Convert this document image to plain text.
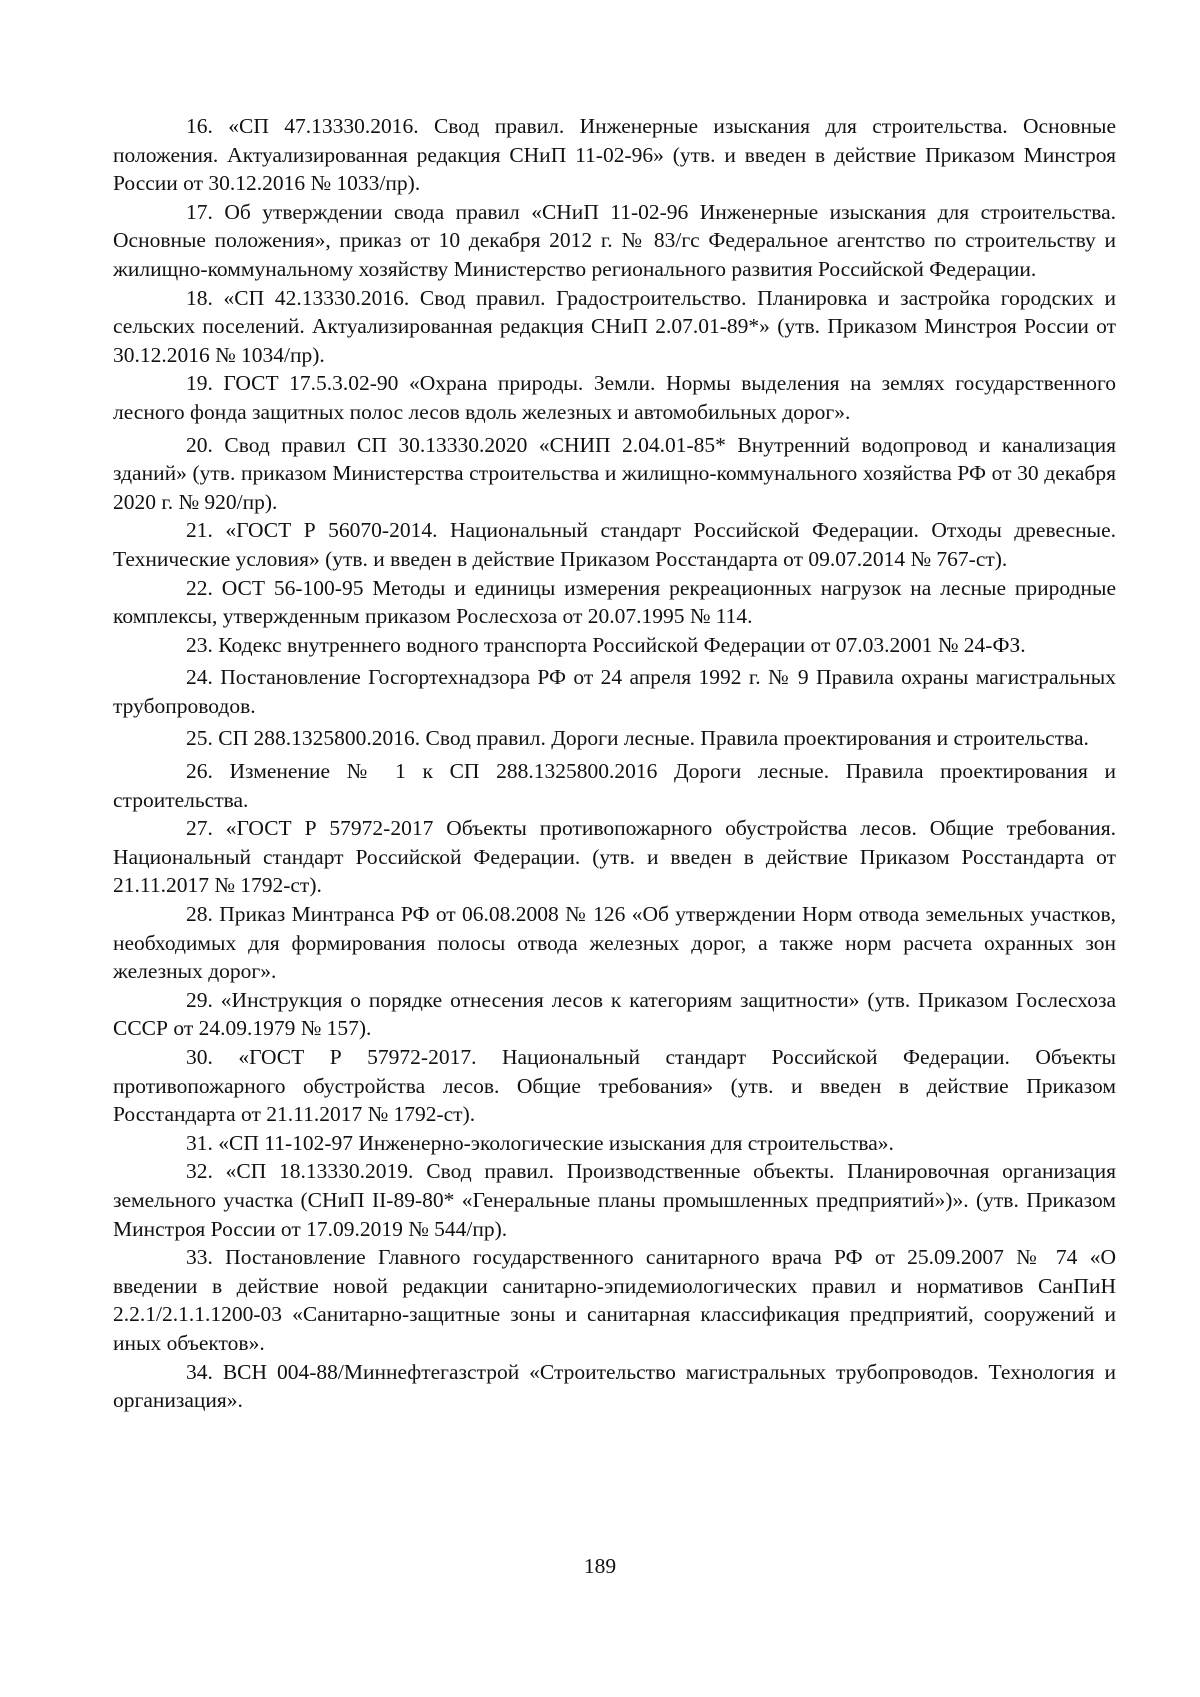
16. «СП 47.13330.2016. Свод правил. Инженерные изыскания для строительства. Основные положения. Актуализированная редакция СНиП 11-02-96» (утв. и введен в действие Приказом Минстроя России от 30.12.2016 № 1033/пр).

17. Об утверждении свода правил «СНиП 11-02-96 Инженерные изыскания для строительства. Основные положения», приказ от 10 декабря 2012 г. № 83/гс Федеральное агентство по строительству и жилищно-коммунальному хозяйству Министерство регионального развития Российской Федерации.

18. «СП 42.13330.2016. Свод правил. Градостроительство. Планировка и застройка городских и сельских поселений. Актуализированная редакция СНиП 2.07.01-89*» (утв. Приказом Минстроя России от 30.12.2016 № 1034/пр).

19. ГОСТ 17.5.3.02-90 «Охрана природы. Земли. Нормы выделения на землях государственного лесного фонда защитных полос лесов вдоль железных и автомобильных дорог».

20. Свод правил СП 30.13330.2020 «СНИП 2.04.01-85* Внутренний водопровод и канализация зданий» (утв. приказом Министерства строительства и жилищно-коммунального хозяйства РФ от 30 декабря 2020 г. № 920/пр).

21. «ГОСТ Р 56070-2014. Национальный стандарт Российской Федерации. Отходы древесные. Технические условия» (утв. и введен в действие Приказом Росстандарта от 09.07.2014 № 767-ст).

22. ОСТ 56-100-95 Методы и единицы измерения рекреационных нагрузок на лесные природные комплексы, утвержденным приказом Рослесхоза от 20.07.1995 № 114.

23. Кодекс внутреннего водного транспорта Российской Федерации от 07.03.2001 № 24-ФЗ.

24. Постановление Госгортехнадзора РФ от 24 апреля 1992 г. № 9 Правила охраны магистральных трубопроводов.

25. СП 288.1325800.2016. Свод правил. Дороги лесные. Правила проектирования и строительства.

26. Изменение № 1 к СП 288.1325800.2016 Дороги лесные. Правила проектирования и строительства.

27. «ГОСТ Р 57972-2017 Объекты противопожарного обустройства лесов. Общие требования. Национальный стандарт Российской Федерации. (утв. и введен в действие Приказом Росстандарта от 21.11.2017 № 1792-ст).

28. Приказ Минтранса РФ от 06.08.2008 № 126 «Об утверждении Норм отвода земельных участков, необходимых для формирования полосы отвода железных дорог, а также норм расчета охранных зон железных дорог».

29. «Инструкция о порядке отнесения лесов к категориям защитности» (утв. Приказом Гослесхоза СССР от 24.09.1979 № 157).

30. «ГОСТ Р 57972-2017. Национальный стандарт Российской Федерации. Объекты противопожарного обустройства лесов. Общие требования» (утв. и введен в действие Приказом Росстандарта от 21.11.2017 № 1792-ст).

31. «СП 11-102-97 Инженерно-экологические изыскания для строительства».

32. «СП 18.13330.2019. Свод правил. Производственные объекты. Планировочная организация земельного участка (СНиП II-89-80* «Генеральные планы промышленных предприятий»)». (утв. Приказом Минстроя России от 17.09.2019 № 544/пр).

33. Постановление Главного государственного санитарного врача РФ от 25.09.2007 № 74 «О введении в действие новой редакции санитарно-эпидемиологических правил и нормативов СанПиН 2.2.1/2.1.1.1200-03 «Санитарно-защитные зоны и санитарная классификация предприятий, сооружений и иных объектов».

34. ВСН 004-88/Миннефтегазстрой «Строительство магистральных трубопроводов. Технология и организация».

189
